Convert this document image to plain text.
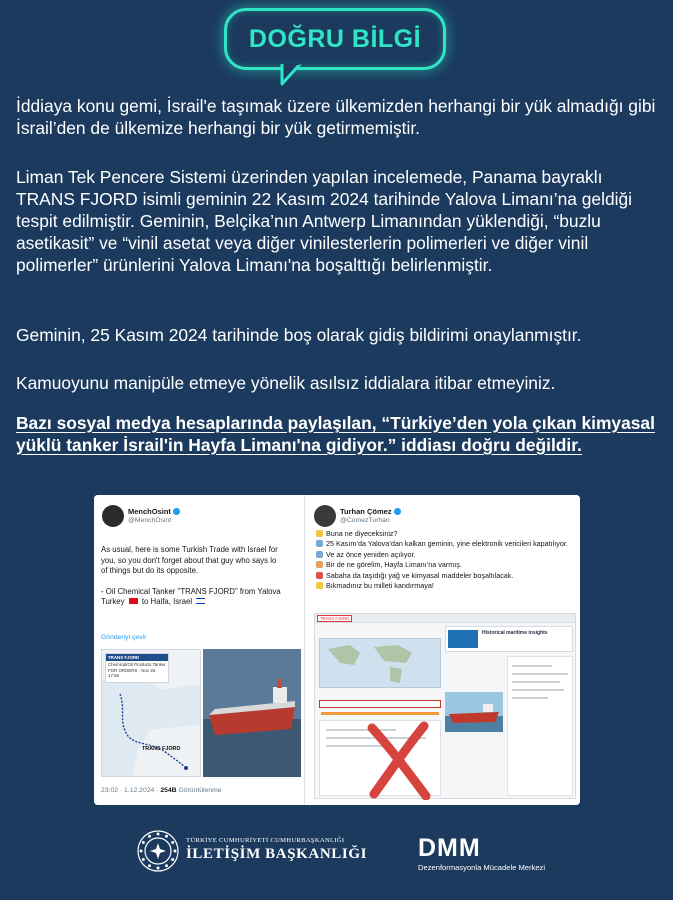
DOĞRU BİLGİ

İddiaya konu gemi, İsrail'e taşımak üzere ülkemizden herhangi bir yük almadığı gibi İsrail’den de ülkemize herhangi bir yük getirmemiştir.

Liman Tek Pencere Sistemi üzerinden yapılan incelemede, Panama bayraklı TRANS FJORD isimli geminin 22 Kasım 2024 tarihinde Yalova Limanı’na geldiği tespit edilmiştir. Geminin, Belçika’nın Antwerp Limanından yüklendiği, “buzlu asetikasit” ve “vinil asetat veya diğer vinilesterlerin polimerleri ve diğer vinil polimerler” ürünlerini Yalova Limanı'na boşalttığı belirlenmiştir.

Geminin, 25 Kasım 2024 tarihinde boş olarak gidiş bildirimi onaylanmıştır.

Kamuoyunu manipüle etmeye yönelik asılsız iddialara itibar etmeyiniz.

Bazı sosyal medya hesaplarında paylaşılan, “Türkiye’den yola çıkan kimyasal yüklü tanker İsrail'in Hayfa Limanı'na gidiyor.” iddiası doğru değildir.

MenchOsint
@MenchOsint
As usual, here is some Turkish Trade with Israel for
you, so you don't forget about that guy who says lo
of things but do its opposite.
- Oil Chemical Tanker "TRANS FJORD" from Yalova
Turkey to Haifa, Israel
Gönderiyi çevir
TRANS FJORD
Chemical/Oil Products Tanker
FOR ORDERS · Nov 26, 17:56
TRANS FJORD
23:02 · 1.12.2024 · 254B Görüntülenme
Turhan Çömez
@ComezTurhan
Buna ne diyeceksiniz?
25 Kasım’da Yalova’dan kalkan geminin, yine elektronik vericileri kapatılıyor.
Ve az önce yeniden açılıyor.
Bir de ne görelim, Hayfa Limanı’na varmış.
Sabaha da taşıdığı yağ ve kimyasal maddeler boşaltılacak.
Bıkmadınız bu milleti kandırmaya!
TRANS FJORD
Historical maritime insights
TÜRKİYE CUMHURİYETİ CUMHURBAŞKANLIĞI
İLETİŞİM BAŞKANLIĞI DMM
Dezenformasyonla Mücadele Merkezi
